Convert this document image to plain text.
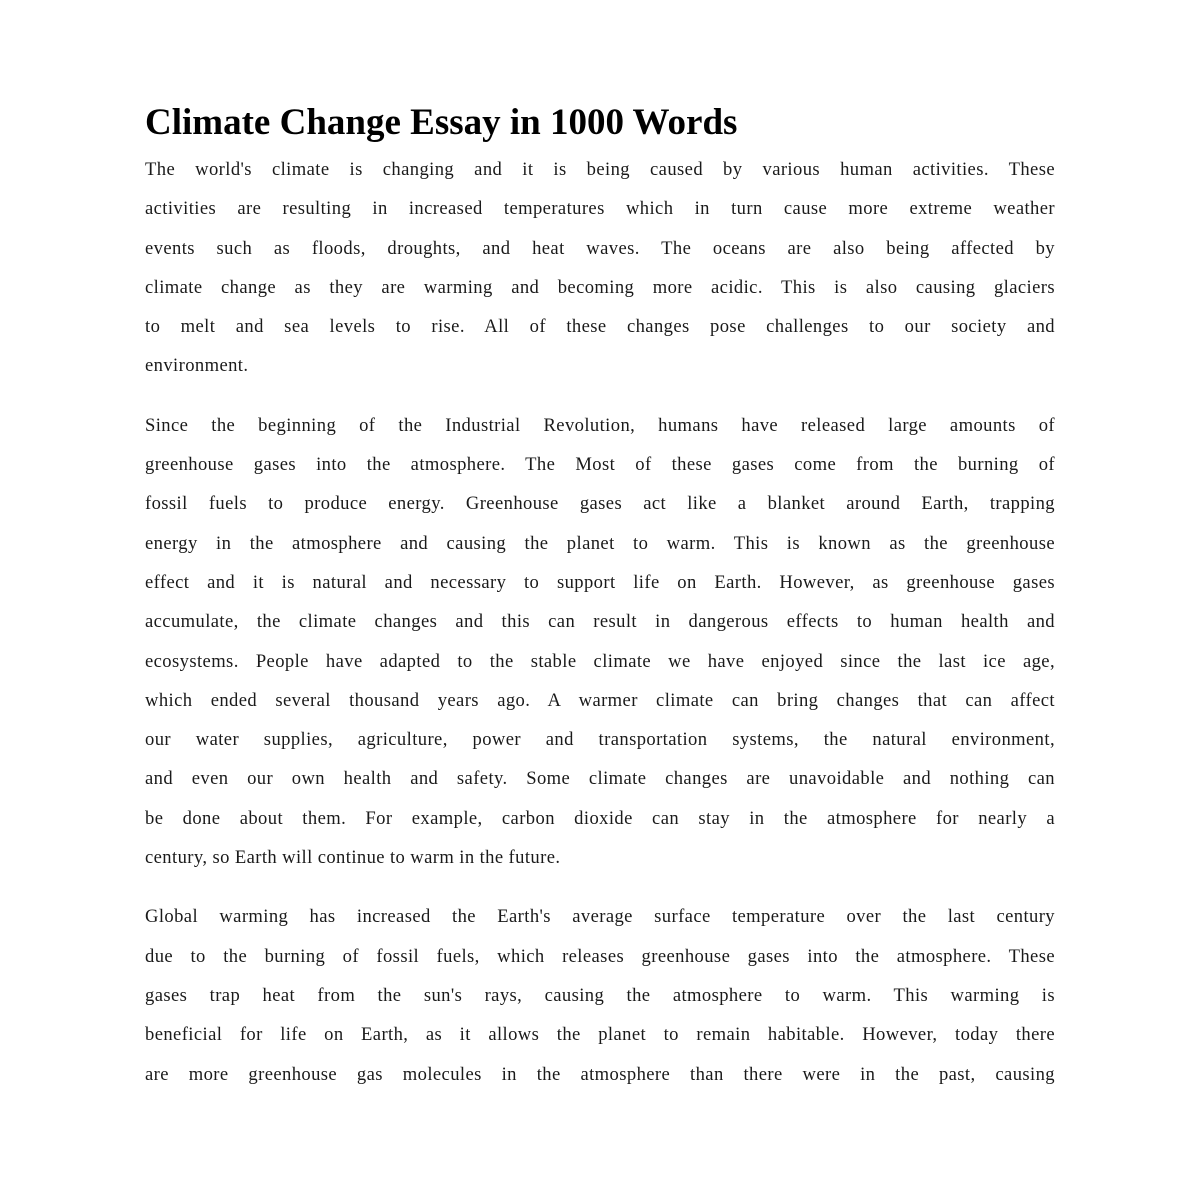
Climate Change Essay in 1000 Words
The world's climate is changing and it is being caused by various human activities. These
activities are resulting in increased temperatures which in turn cause more extreme weather
events such as floods, droughts, and heat waves. The oceans are also being affected by
climate change as they are warming and becoming more acidic. This is also causing glaciers
to melt and sea levels to rise. All of these changes pose challenges to our society and
environment.
Since the beginning of the Industrial Revolution, humans have released large amounts of
greenhouse gases into the atmosphere. The Most of these gases come from the burning of
fossil fuels to produce energy. Greenhouse gases act like a blanket around Earth, trapping
energy in the atmosphere and causing the planet to warm. This is known as the greenhouse
effect and it is natural and necessary to support life on Earth. However, as greenhouse gases
accumulate, the climate changes and this can result in dangerous effects to human health and
ecosystems. People have adapted to the stable climate we have enjoyed since the last ice age,
which ended several thousand years ago. A warmer climate can bring changes that can affect
our water supplies, agriculture, power and transportation systems, the natural environment,
and even our own health and safety. Some climate changes are unavoidable and nothing can
be done about them. For example, carbon dioxide can stay in the atmosphere for nearly a
century, so Earth will continue to warm in the future.
Global warming has increased the Earth's average surface temperature over the last century
due to the burning of fossil fuels, which releases greenhouse gases into the atmosphere. These
gases trap heat from the sun's rays, causing the atmosphere to warm. This warming is
beneficial for life on Earth, as it allows the planet to remain habitable. However, today there
are more greenhouse gas molecules in the atmosphere than there were in the past, causing
